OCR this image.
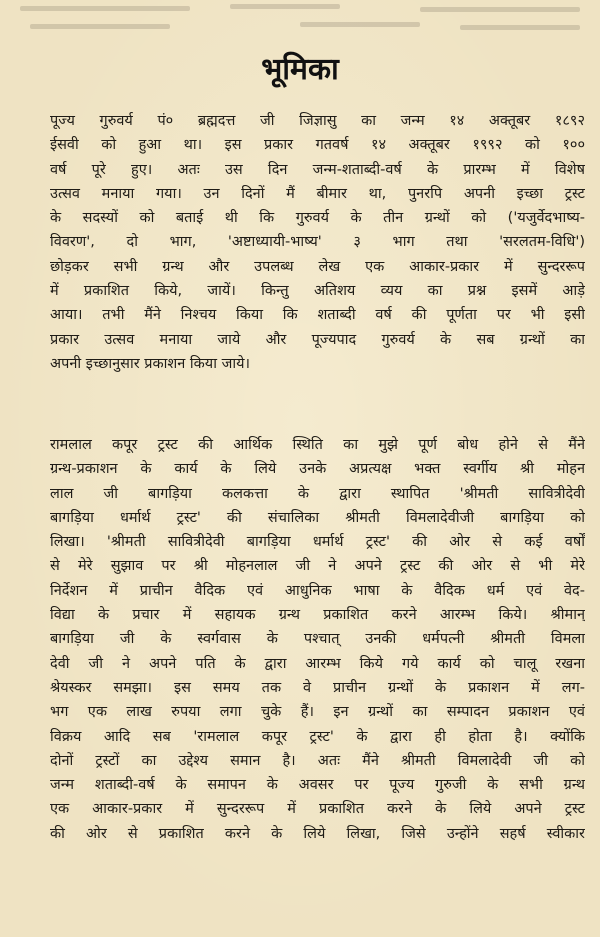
भूमिका
पूज्य गुरुवर्य पं० ब्रह्मदत्त जी जिज्ञासु का जन्म १४ अक्तूबर १८९२
ईसवी को हुआ था। इस प्रकार गतवर्ष १४ अक्तूबर १९९२ को १००
वर्ष पूरे हुए। अतः उस दिन जन्म-शताब्दी-वर्ष के प्रारम्भ में विशेष
उत्सव मनाया गया। उन दिनों मैं बीमार था, पुनरपि अपनी इच्छा ट्रस्ट
के सदस्यों को बताई थी कि गुरुवर्य के तीन ग्रन्थों को ('यजुर्वेदभाष्य-
विवरण', दो भाग, 'अष्टाध्यायी-भाष्य' ३ भाग तथा 'सरलतम-विधि')
छोड़कर सभी ग्रन्थ और उपलब्ध लेख एक आकार-प्रकार में सुन्दररूप
में प्रकाशित किये, जायें। किन्तु अतिशय व्यय का प्रश्न इसमें आड़े
आया। तभी मैंने निश्चय किया कि शताब्दी वर्ष की पूर्णता पर भी इसी
प्रकार उत्सव मनाया जाये और पूज्यपाद गुरुवर्य के सब ग्रन्थों का
अपनी इच्छानुसार प्रकाशन किया जाये।
रामलाल कपूर ट्रस्ट की आर्थिक स्थिति का मुझे पूर्ण बोध होने से मैंने
ग्रन्थ-प्रकाशन के कार्य के लिये उनके अप्रत्यक्ष भक्त स्वर्गीय श्री मोहन
लाल जी बागड़िया कलकत्ता के द्वारा स्थापित 'श्रीमती सावित्रीदेवी
बागड़िया धर्मार्थ ट्रस्ट' की संचालिका श्रीमती विमलादेवीजी बागड़िया को
लिखा। 'श्रीमती सावित्रीदेवी बागड़िया धर्मार्थ ट्रस्ट' की ओर से कई वर्षों
से मेरे सुझाव पर श्री मोहनलाल जी ने अपने ट्रस्ट की ओर से भी मेरे
निर्देशन में प्राचीन वैदिक एवं आधुनिक भाषा के वैदिक धर्म एवं वेद-
विद्या के प्रचार में सहायक ग्रन्थ प्रकाशित करने आरम्भ किये। श्रीमान्
बागड़िया जी के स्वर्गवास के पश्चात् उनकी धर्मपत्नी श्रीमती विमला
देवी जी ने अपने पति के द्वारा आरम्भ किये गये कार्य को चालू रखना
श्रेयस्कर समझा। इस समय तक वे प्राचीन ग्रन्थों के प्रकाशन में लग-
भग एक लाख रुपया लगा चुके हैं। इन ग्रन्थों का सम्पादन प्रकाशन एवं
विक्रय आदि सब 'रामलाल कपूर ट्रस्ट' के द्वारा ही होता है। क्योंकि
दोनों ट्रस्टों का उद्देश्य समान है। अतः मैंने श्रीमती विमलादेवी जी को
जन्म शताब्दी-वर्ष के समापन के अवसर पर पूज्य गुरुजी के सभी ग्रन्थ
एक आकार-प्रकार में सुन्दररूप में प्रकाशित करने के लिये अपने ट्रस्ट
की ओर से प्रकाशित करने के लिये लिखा, जिसे उन्होंने सहर्ष स्वीकार
